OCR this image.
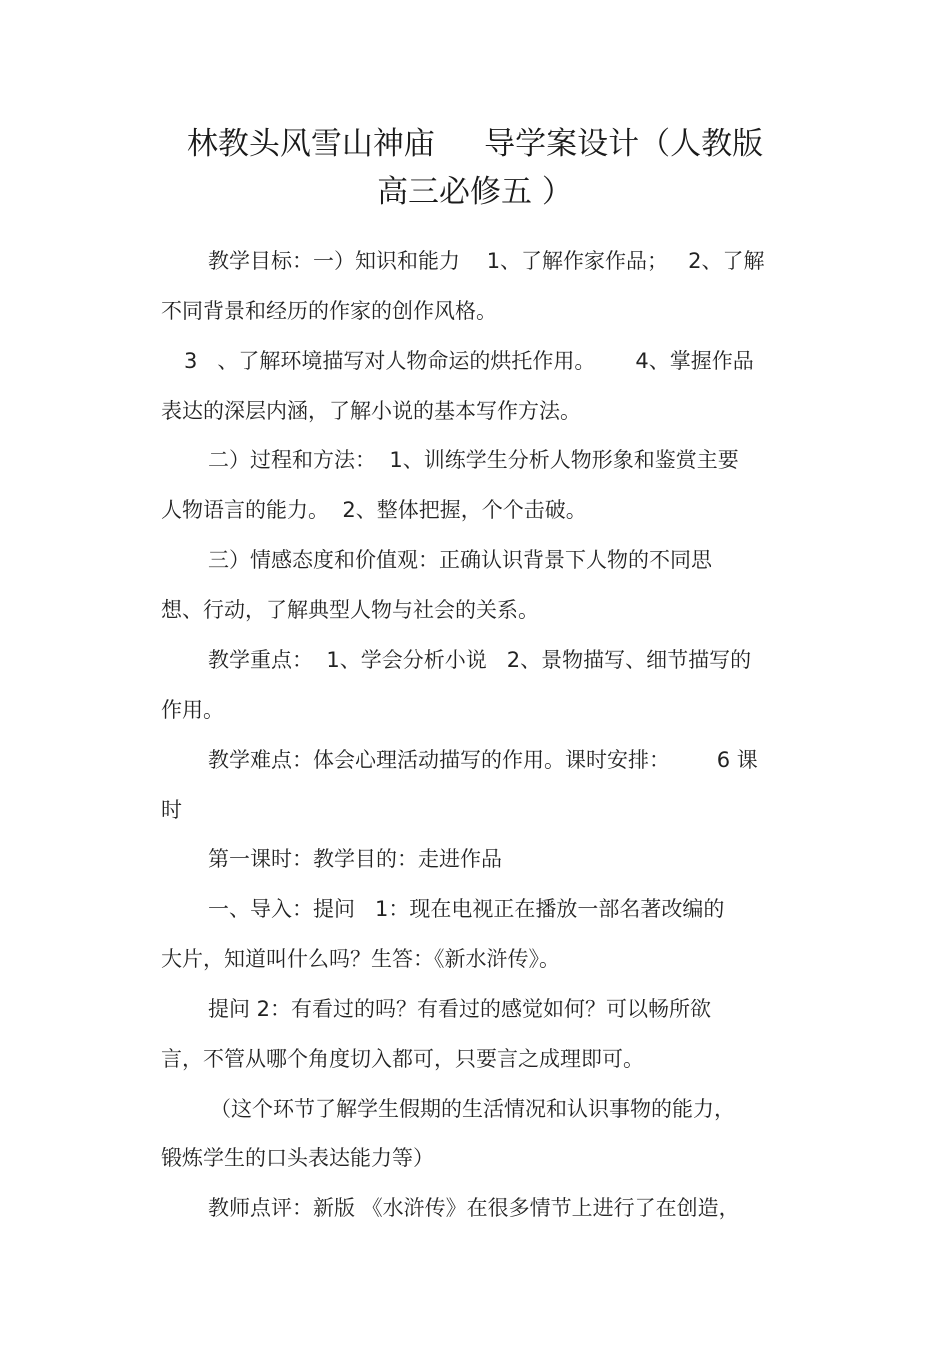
林教头风雪山神庙     导学案设计（人教版
高三必修五 ）
教学目标：一）知识和能力    1、了解作家作品；   2、了解
不同背景和经历的作家的创作风格。
3   、了解环境描写对人物命运的烘托作用。      4、掌握作品
表达的深层内涵，了解小说的基本写作方法。
二）过程和方法：  1、训练学生分析人物形象和鉴赏主要
人物语言的能力。  2、整体把握，个个击破。
三）情感态度和价值观：正确认识背景下人物的不同思
想、行动，了解典型人物与社会的关系。
教学重点：  1、学会分析小说   2、景物描写、细节描写的
作用。
教学难点：体会心理活动描写的作用。课时安排：       6 课
时
第一课时：教学目的：走进作品
一、导入：提问   1：现在电视正在播放一部名著改编的
大片，知道叫什么吗？生答：《新水浒传》。
提问 2：有看过的吗？有看过的感觉如何？可以畅所欲
言，不管从哪个角度切入都可，只要言之成理即可。
（这个环节了解学生假期的生活情况和认识事物的能力，
锻炼学生的口头表达能力等）
教师点评：新版 《水浒传》在很多情节上进行了在创造，
